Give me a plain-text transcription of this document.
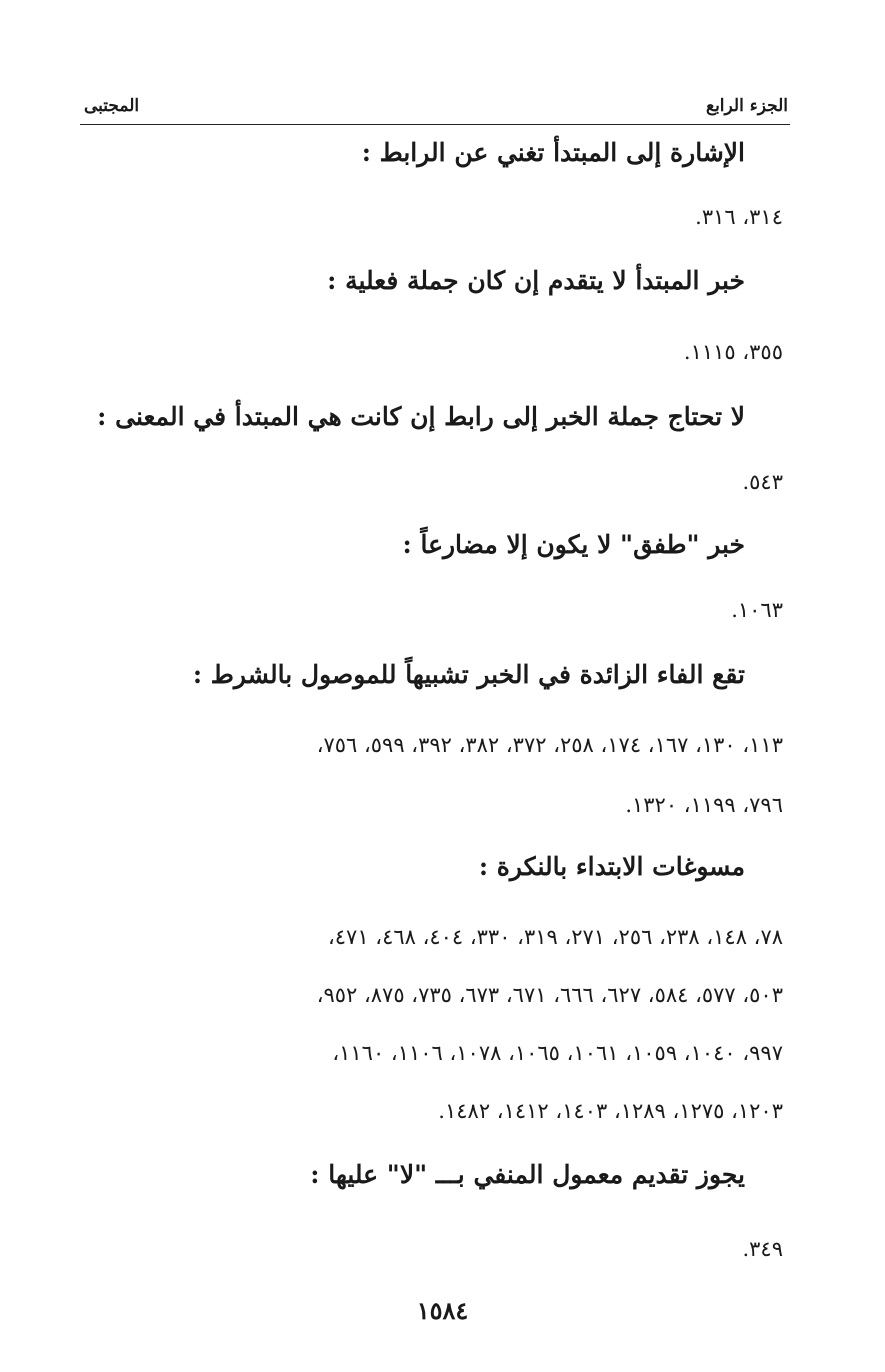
المجتبى	الجزء الرابع
الإشارة إلى المبتدأ تغني عن الرابط :
٣١٤، ٣١٦.
خبر المبتدأ لا يتقدم إن كان جملة فعلية :
٣٥٥، ١١١٥.
لا تحتاج جملة الخبر إلى رابط إن كانت هي المبتدأ في المعنى :
٥٤٣.
خبر "طفق" لا يكون إلا مضارعاً :
١٠٦٣.
تقع الفاء الزائدة في الخبر تشبيهاً للموصول بالشرط :
١١٣، ١٣٠، ١٦٧، ١٧٤، ٢٥٨، ٣٧٢، ٣٨٢، ٣٩٢، ٥٩٩، ٧٥٦،
٧٩٦، ١١٩٩، ١٣٢٠.
مسوغات الابتداء بالنكرة :
٧٨، ١٤٨، ٢٣٨، ٢٥٦، ٢٧١، ٣١٩، ٣٣٠، ٤٠٤، ٤٦٨، ٤٧١،
٥٠٣، ٥٧٧، ٥٨٤، ٦٢٧، ٦٦٦، ٦٧١، ٦٧٣، ٧٣٥، ٨٧٥، ٩٥٢،
٩٩٧، ١٠٤٠، ١٠٥٩، ١٠٦١، ١٠٦٥، ١٠٧٨، ١١٠٦، ١١٦٠،
١٢٠٣، ١٢٧٥، ١٢٨٩، ١٤٠٣، ١٤١٢، ١٤٨٢.
يجوز تقديم معمول المنفي بـــ "لا" عليها :
٣٤٩.
١٥٨٤
